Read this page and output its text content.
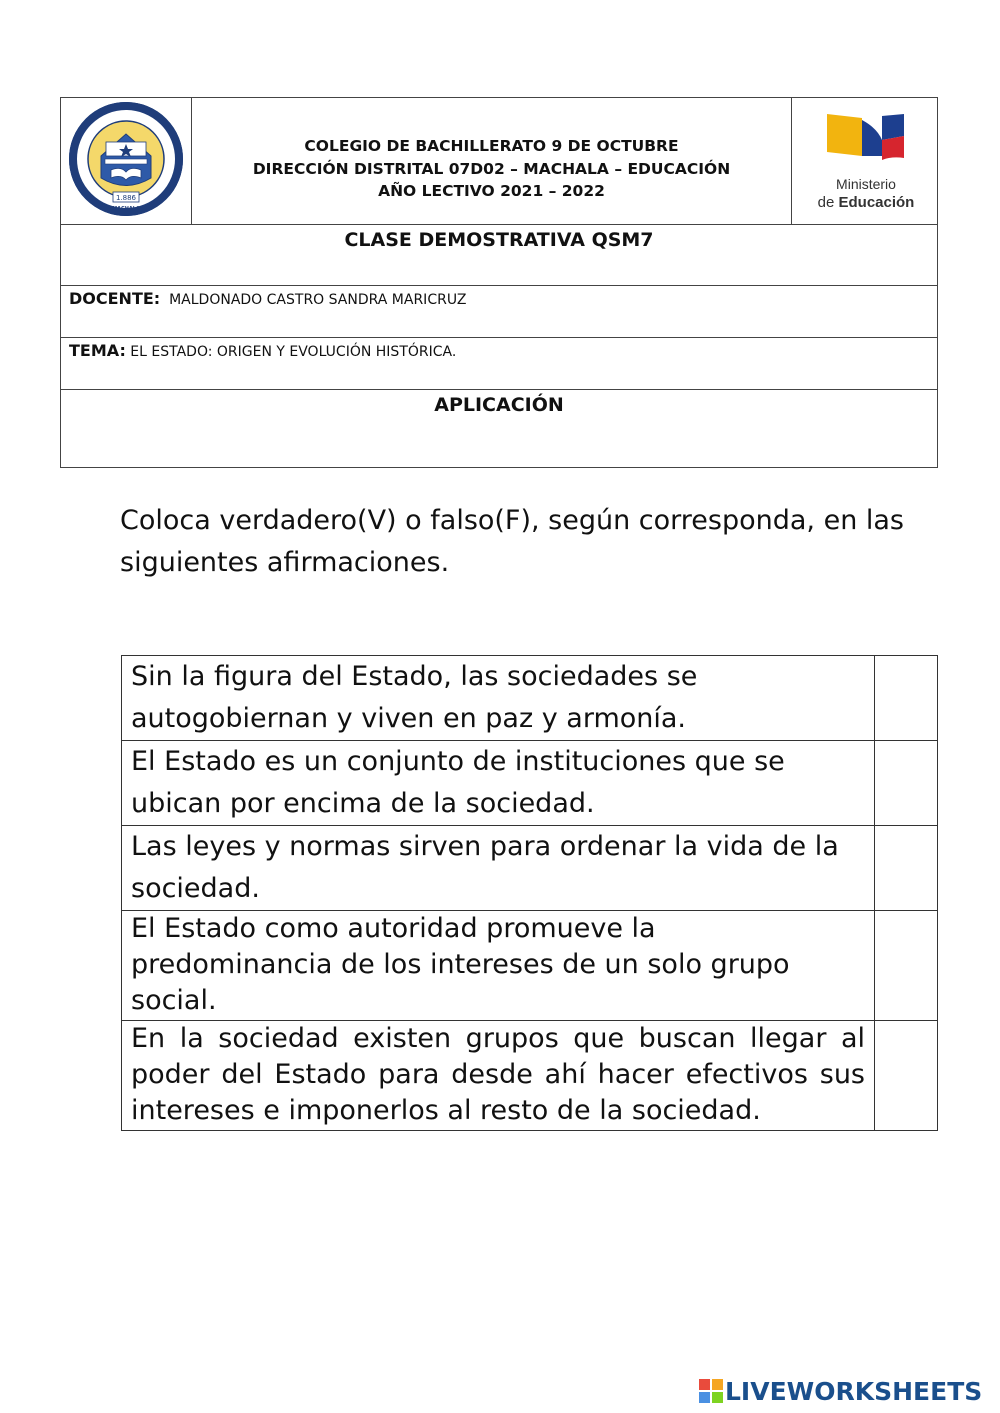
1.886
MACHALA

COLEGIO DE BACHILLERATO 9 DE OCTUBRE
DIRECCIÓN DISTRITAL 07D02 – MACHALA – EDUCACIÓN
AÑO LECTIVO 2021 – 2022	Ministerio
de Educación

CLASE DEMOSTRATIVA QSM7
DOCENTE: MALDONADO CASTRO SANDRA MARICRUZ
TEMA: EL ESTADO: ORIGEN Y EVOLUCIÓN HISTÓRICA.
APLICACIÓN
Coloca verdadero(V) o falso(F), según corresponda, en las
siguientes afirmaciones.
Sin la figura del Estado, las sociedades se
autogobiernan y viven en paz y armonía.	

El Estado es un conjunto de instituciones que se
ubican por encima de la sociedad.	

Las leyes y normas sirven para ordenar la vida de la
sociedad.	

El Estado como autoridad promueve la
predominancia de los intereses de un solo grupo
social.	

En la sociedad existen grupos que buscan llegar al
poder del Estado para desde ahí hacer efectivos sus
intereses e imponerlos al resto de la sociedad.	

LIVEWORKSHEETS
